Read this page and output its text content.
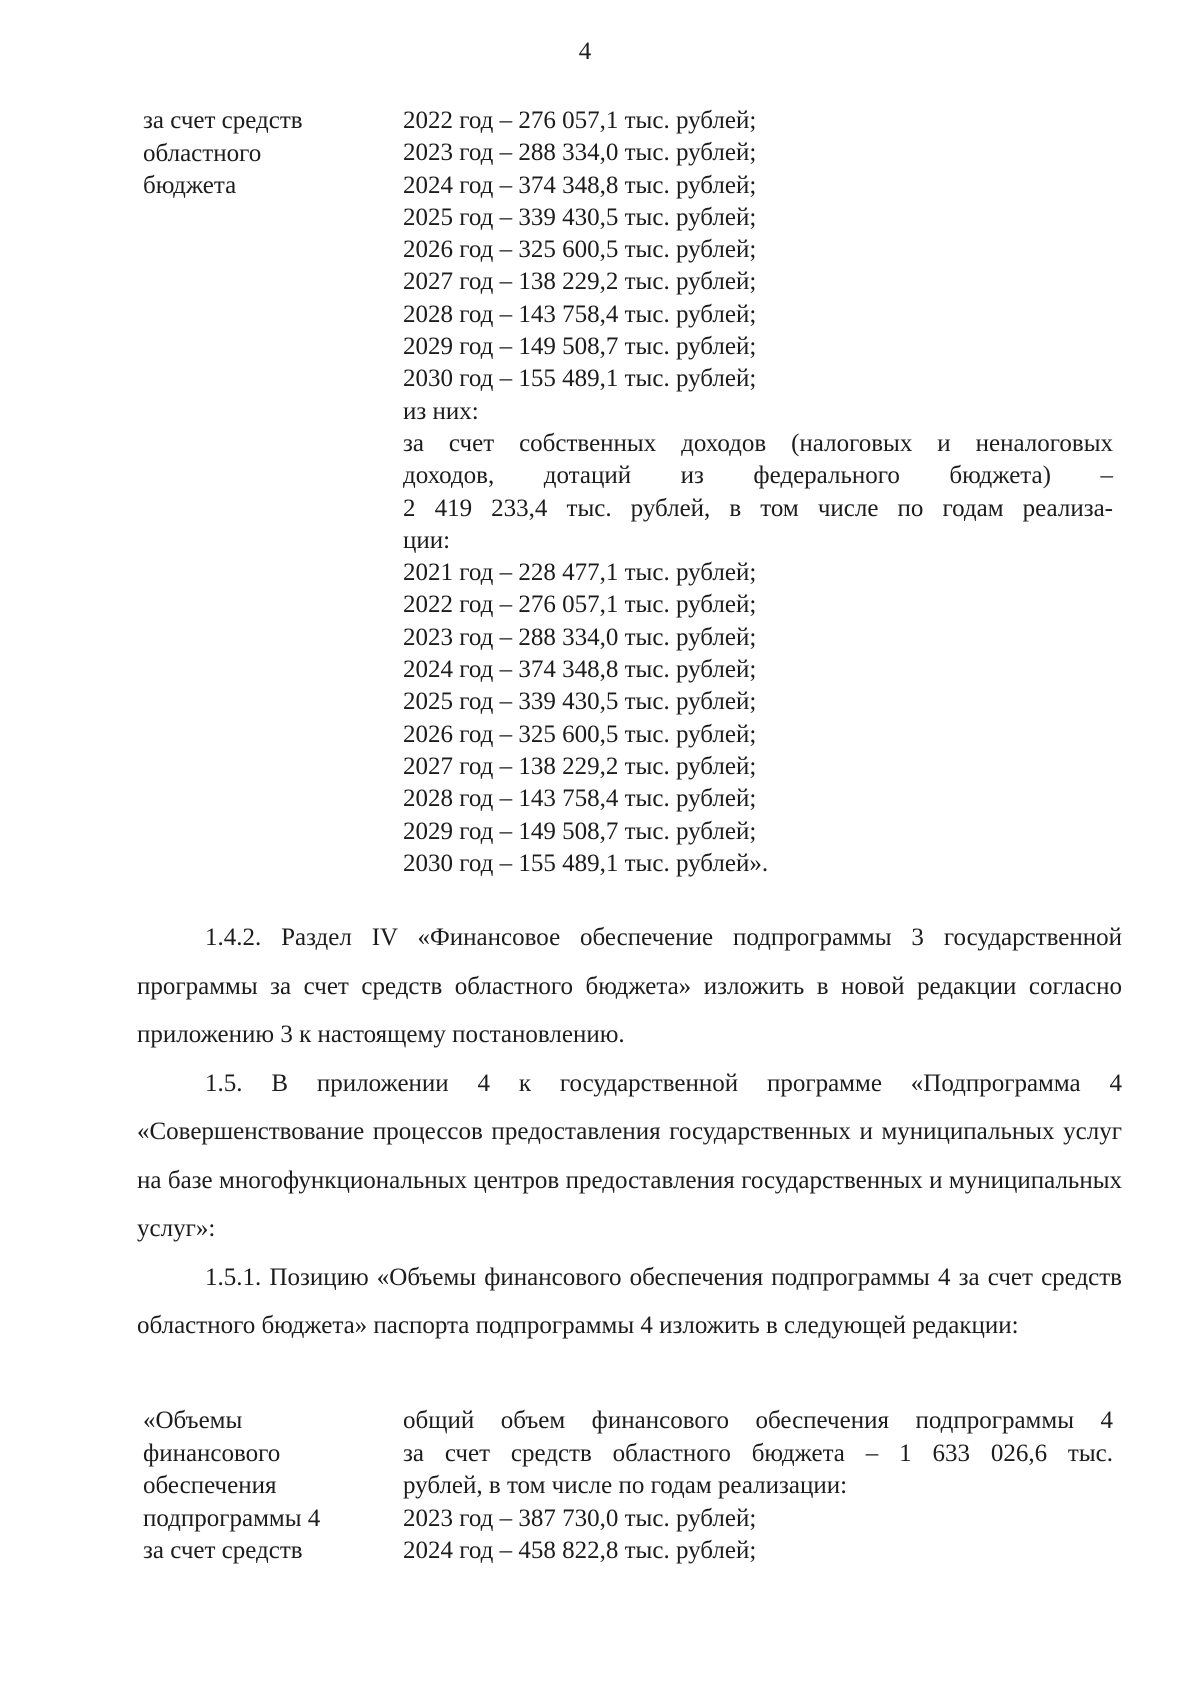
4
за счет средств
областного
бюджета
2022 год – 276 057,1 тыс. рублей;
2023 год – 288 334,0 тыс. рублей;
2024 год – 374 348,8 тыс. рублей;
2025 год – 339 430,5 тыс. рублей;
2026 год – 325 600,5 тыс. рублей;
2027 год – 138 229,2 тыс. рублей;
2028 год – 143 758,4 тыс. рублей;
2029 год – 149 508,7 тыс. рублей;
2030 год – 155 489,1 тыс. рублей;
из них:
за счет собственных доходов (налоговых и неналоговых
доходов, дотаций из федерального бюджета) –
2 419 233,4 тыс. рублей, в том числе по годам реализа-
ции:
2021 год – 228 477,1 тыс. рублей;
2022 год – 276 057,1 тыс. рублей;
2023 год – 288 334,0 тыс. рублей;
2024 год – 374 348,8 тыс. рублей;
2025 год – 339 430,5 тыс. рублей;
2026 год – 325 600,5 тыс. рублей;
2027 год – 138 229,2 тыс. рублей;
2028 год – 143 758,4 тыс. рублей;
2029 год – 149 508,7 тыс. рублей;
2030 год – 155 489,1 тыс. рублей».

1.4.2. Раздел IV «Финансовое обеспечение подпрограммы 3 государственной программы за счет средств областного бюджета» изложить в новой редакции согласно приложению 3 к настоящему постановлению.

1.5. В приложении 4 к государственной программе «Подпрограмма 4 «Совершенствование процессов предоставления государственных и муниципальных услуг на базе многофункциональных центров предоставления государственных и муниципальных услуг»:

1.5.1. Позицию «Объемы финансового обеспечения подпрограммы 4 за счет средств областного бюджета» паспорта подпрограммы 4 изложить в следующей редакции:

«Объемы
финансового
обеспечения
подпрограммы 4
за счет средств
общий объем финансового обеспечения подпрограммы 4
за счет средств областного бюджета – 1 633 026,6 тыс.
рублей, в том числе по годам реализации:
2023 год – 387 730,0 тыс. рублей;
2024 год – 458 822,8 тыс. рублей;
